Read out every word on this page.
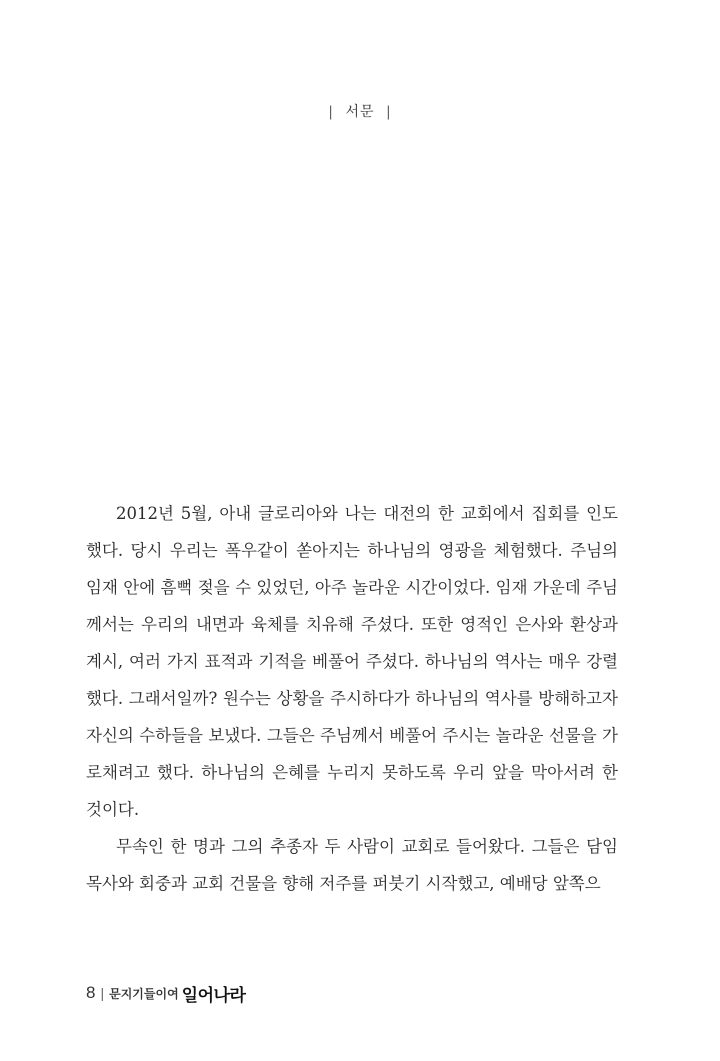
| 서문 |

2012년 5월, 아내 글로리아와 나는 대전의 한 교회에서 집회를 인도했다. 당시 우리는 폭우같이 쏟아지는 하나님의 영광을 체험했다. 주님의 임재 안에 흠뻑 젖을 수 있었던, 아주 놀라운 시간이었다. 임재 가운데 주님께서는 우리의 내면과 육체를 치유해 주셨다. 또한 영적인 은사와 환상과 계시, 여러 가지 표적과 기적을 베풀어 주셨다. 하나님의 역사는 매우 강렬했다. 그래서일까? 원수는 상황을 주시하다가 하나님의 역사를 방해하고자 자신의 수하들을 보냈다. 그들은 주님께서 베풀어 주시는 놀라운 선물을 가로채려고 했다. 하나님의 은혜를 누리지 못하도록 우리 앞을 막아서려 한 것이다.

무속인 한 명과 그의 추종자 두 사람이 교회로 들어왔다. 그들은 담임목사와 회중과 교회 건물을 향해 저주를 퍼붓기 시작했고, 예배당 앞쪽으

8 | 문지기들이여 일어나라
